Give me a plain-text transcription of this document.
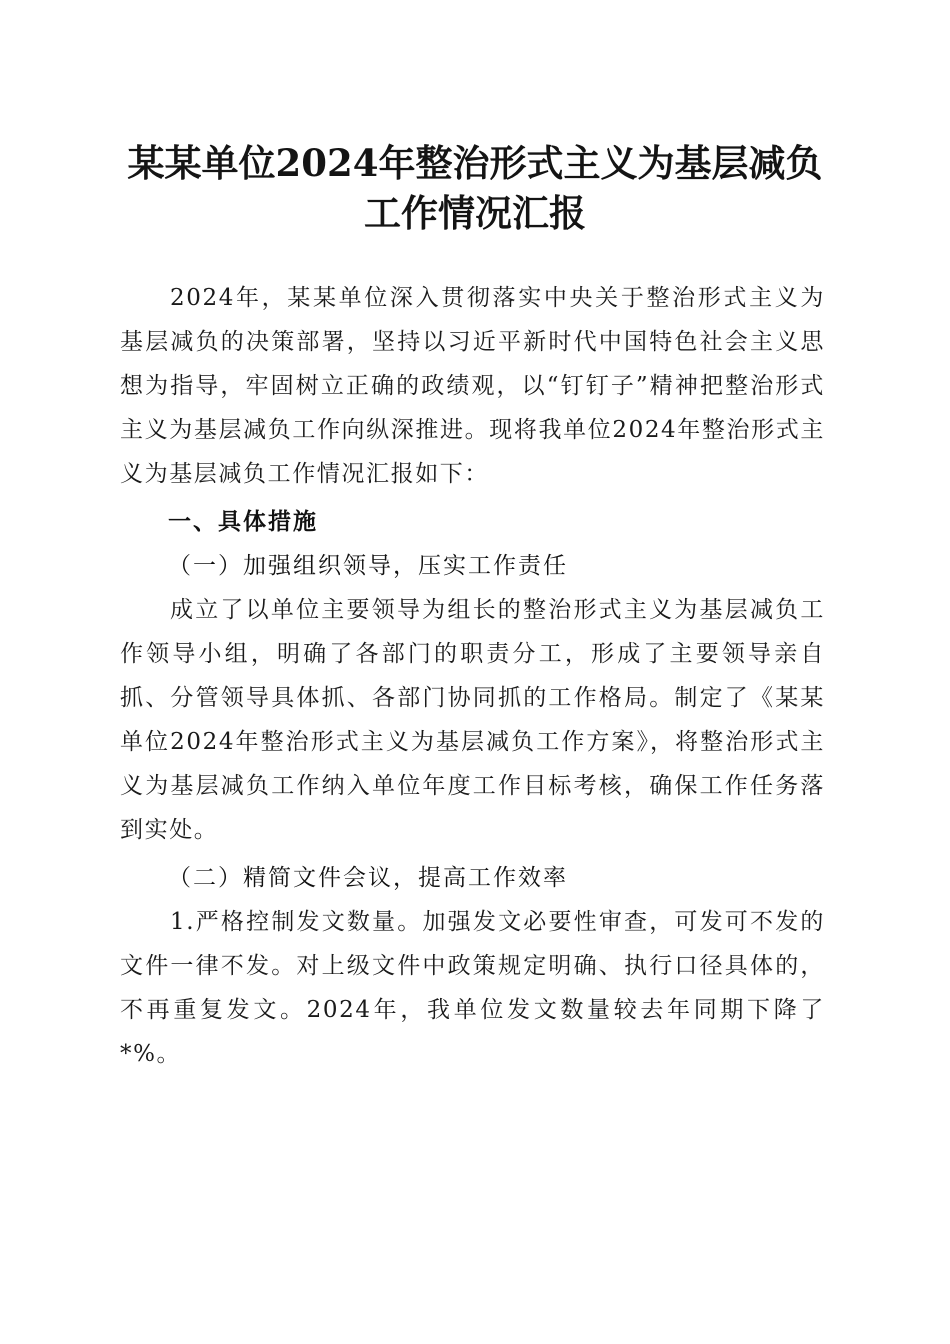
某某单位2024年整治形式主义为基层减负工作情况汇报
2024年，某某单位深入贯彻落实中央关于整治形式主义为基层减负的决策部署，坚持以习近平新时代中国特色社会主义思想为指导，牢固树立正确的政绩观，以“钉钉子”精神把整治形式主义为基层减负工作向纵深推进。现将我单位2024年整治形式主义为基层减负工作情况汇报如下：
一、具体措施
（一）加强组织领导，压实工作责任
成立了以单位主要领导为组长的整治形式主义为基层减负工作领导小组，明确了各部门的职责分工，形成了主要领导亲自抓、分管领导具体抓、各部门协同抓的工作格局。制定了《某某单位2024年整治形式主义为基层减负工作方案》，将整治形式主义为基层减负工作纳入单位年度工作目标考核，确保工作任务落到实处。
（二）精简文件会议，提高工作效率
1.严格控制发文数量。加强发文必要性审查，可发可不发的文件一律不发。对上级文件中政策规定明确、执行口径具体的，不再重复发文。2024年，我单位发文数量较去年同期下降了*%。
